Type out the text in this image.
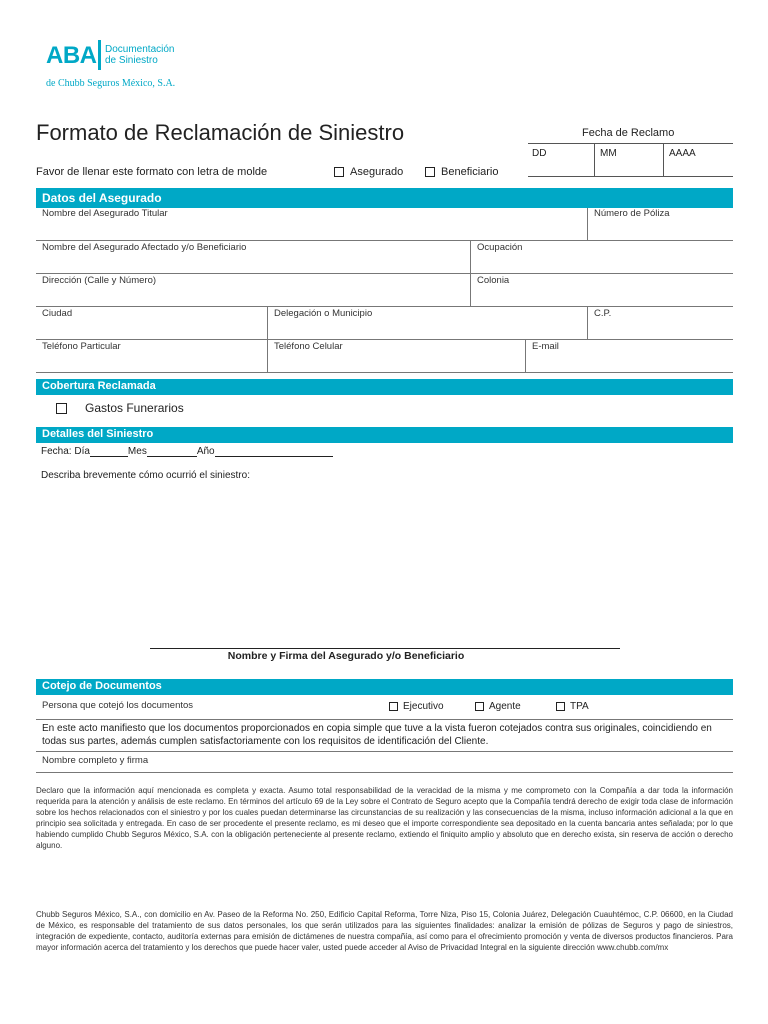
ABA Documentación
de Siniestro
de Chubb Seguros México, S.A.
Formato de Reclamación de Siniestro
Favor de llenar este formato con letra de molde	Asegurado	Beneficiario
Fecha de Reclamo
DD	MM	AAAA
Datos del Asegurado
Nombre del Asegurado Titular	Número de Póliza
Nombre del Asegurado Afectado y/o Beneficiario	Ocupación
Dirección (Calle y Número)	Colonia
Ciudad	Delegación o Municipio	C.P.
Teléfono Particular	Teléfono Celular	E-mail
Cobertura Reclamada
Gastos Funerarios
Detalles del Siniestro
Fecha: Día	Mes	Año
Describa brevemente cómo ocurrió el siniestro:
Nombre y Firma del Asegurado y/o Beneficiario
Cotejo de Documentos
Persona que cotejó los documentos	Ejecutivo	Agente	TPA
En este acto manifiesto que los documentos proporcionados en copia simple que tuve a la vista fueron cotejados contra sus originales, coincidiendo en todas sus partes, además cumplen satisfactoriamente con los requisitos de identificación del Cliente.
Nombre completo y firma
Declaro que la información aquí mencionada es completa y exacta. Asumo total responsabilidad de la veracidad de la misma y me comprometo con la Compañía a dar toda la información requerida para la atención y análisis de este reclamo. En términos del artículo 69 de la Ley sobre el Contrato de Seguro acepto que la Compañía tendrá derecho de exigir toda clase de información sobre los hechos relacionados con el siniestro y por los cuales puedan determinarse las circunstancias de su realización y las consecuencias de la misma, incluso información adicional a la que en principio sea solicitada y entregada. En caso de ser procedente el presente reclamo, es mi deseo que el importe correspondiente sea depositado en la cuenta bancaria antes señalada; por lo que habiendo cumplido Chubb Seguros México, S.A. con la obligación perteneciente al presente reclamo, extiendo el finiquito amplio y absoluto que en derecho exista, sin reserva de acción o derecho alguno.
Chubb Seguros México, S.A., con domicilio en Av. Paseo de la Reforma No. 250, Edificio Capital Reforma, Torre Niza, Piso 15, Colonia Juárez, Delegación Cuauhtémoc, C.P. 06600, en la Ciudad de México, es responsable del tratamiento de sus datos personales, los que serán utilizados para las siguientes finalidades: analizar la emisión de pólizas de Seguros y pago de siniestros, integración de expediente, contacto, auditoría externas para emisión de dictámenes de nuestra compañía, así como para el ofrecimiento promoción y venta de diversos productos financieros. Para mayor información acerca del tratamiento y los derechos que puede hacer valer, usted puede acceder al Aviso de Privacidad Integral en la siguiente dirección www.chubb.com/mx
